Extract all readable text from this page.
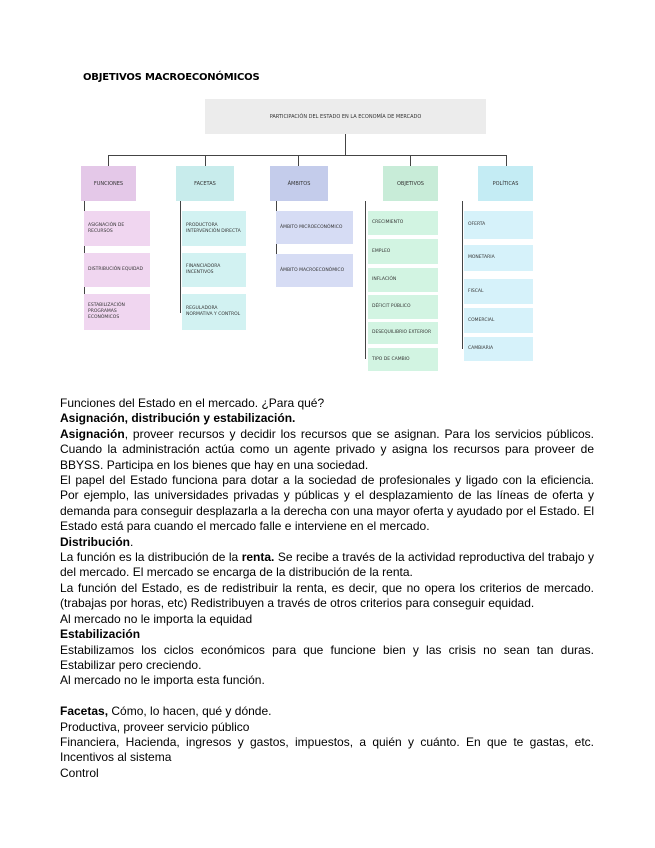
OBJETIVOS MACROECONÓMICOS
PARTICIPACIÓN DEL ESTADO EN LA ECONOMÍA DE MERCADO
FUNCIONES	FACETAS	ÁMBITOS	OBJETIVOS	POLÍTICAS
ASIGNACIÓN DE RECURSOS
DISTRIBUCIÓN EQUIDAD
ESTABILIZACIÓN PROGRAMAS ECONÓMICOS
PRODUCTORA INTERVENCIÓN DIRECTA
FINANCIADORA INCENTIVOS
REGULADORA NORMATIVA Y CONTROL
ÁMBITO MICROECONÓMICO
ÁMBITO MACROECONÓMICO
CRECIMIENTO
EMPLEO
INFLACIÓN
DÉFICIT PÚBLICO
DESEQUILIBRIO EXTERIOR
TIPO DE CAMBIO
OFERTA
MONETARIA
FISCAL
COMERCIAL
CAMBIARIA

Funciones del Estado en el mercado. ¿Para qué?

Asignación, distribución y estabilización.

Asignación, proveer recursos y decidir los recursos que se asignan. Para los servicios públicos. Cuando la administración actúa como un agente privado y asigna los recursos para proveer de BBYSS. Participa en los bienes que hay en una sociedad.

El papel del Estado funciona para dotar a la sociedad de profesionales y ligado con la eficiencia. Por ejemplo, las universidades privadas y públicas y el desplazamiento de las líneas de oferta y demanda para conseguir desplazarla a la derecha con una mayor oferta y ayudado por el Estado. El Estado está para cuando el mercado falle e interviene en el mercado.

Distribución.

La función es la distribución de la renta. Se recibe a través de la actividad reproductiva del trabajo y del mercado. El mercado se encarga de la distribución de la renta.

La función del Estado, es de redistribuir la renta, es decir, que no opera los criterios de mercado. (trabajas por horas, etc) Redistribuyen a través de otros criterios para conseguir equidad.

Al mercado no le importa la equidad

Estabilización

Estabilizamos los ciclos económicos para que funcione bien y las crisis no sean tan duras. Estabilizar pero creciendo.

Al mercado no le importa esta función.

Facetas, Cómo, lo hacen, qué y dónde.

Productiva, proveer servicio público

Financiera, Hacienda, ingresos y gastos, impuestos, a quién y cuánto. En que te gastas, etc. Incentivos al sistema

Control
